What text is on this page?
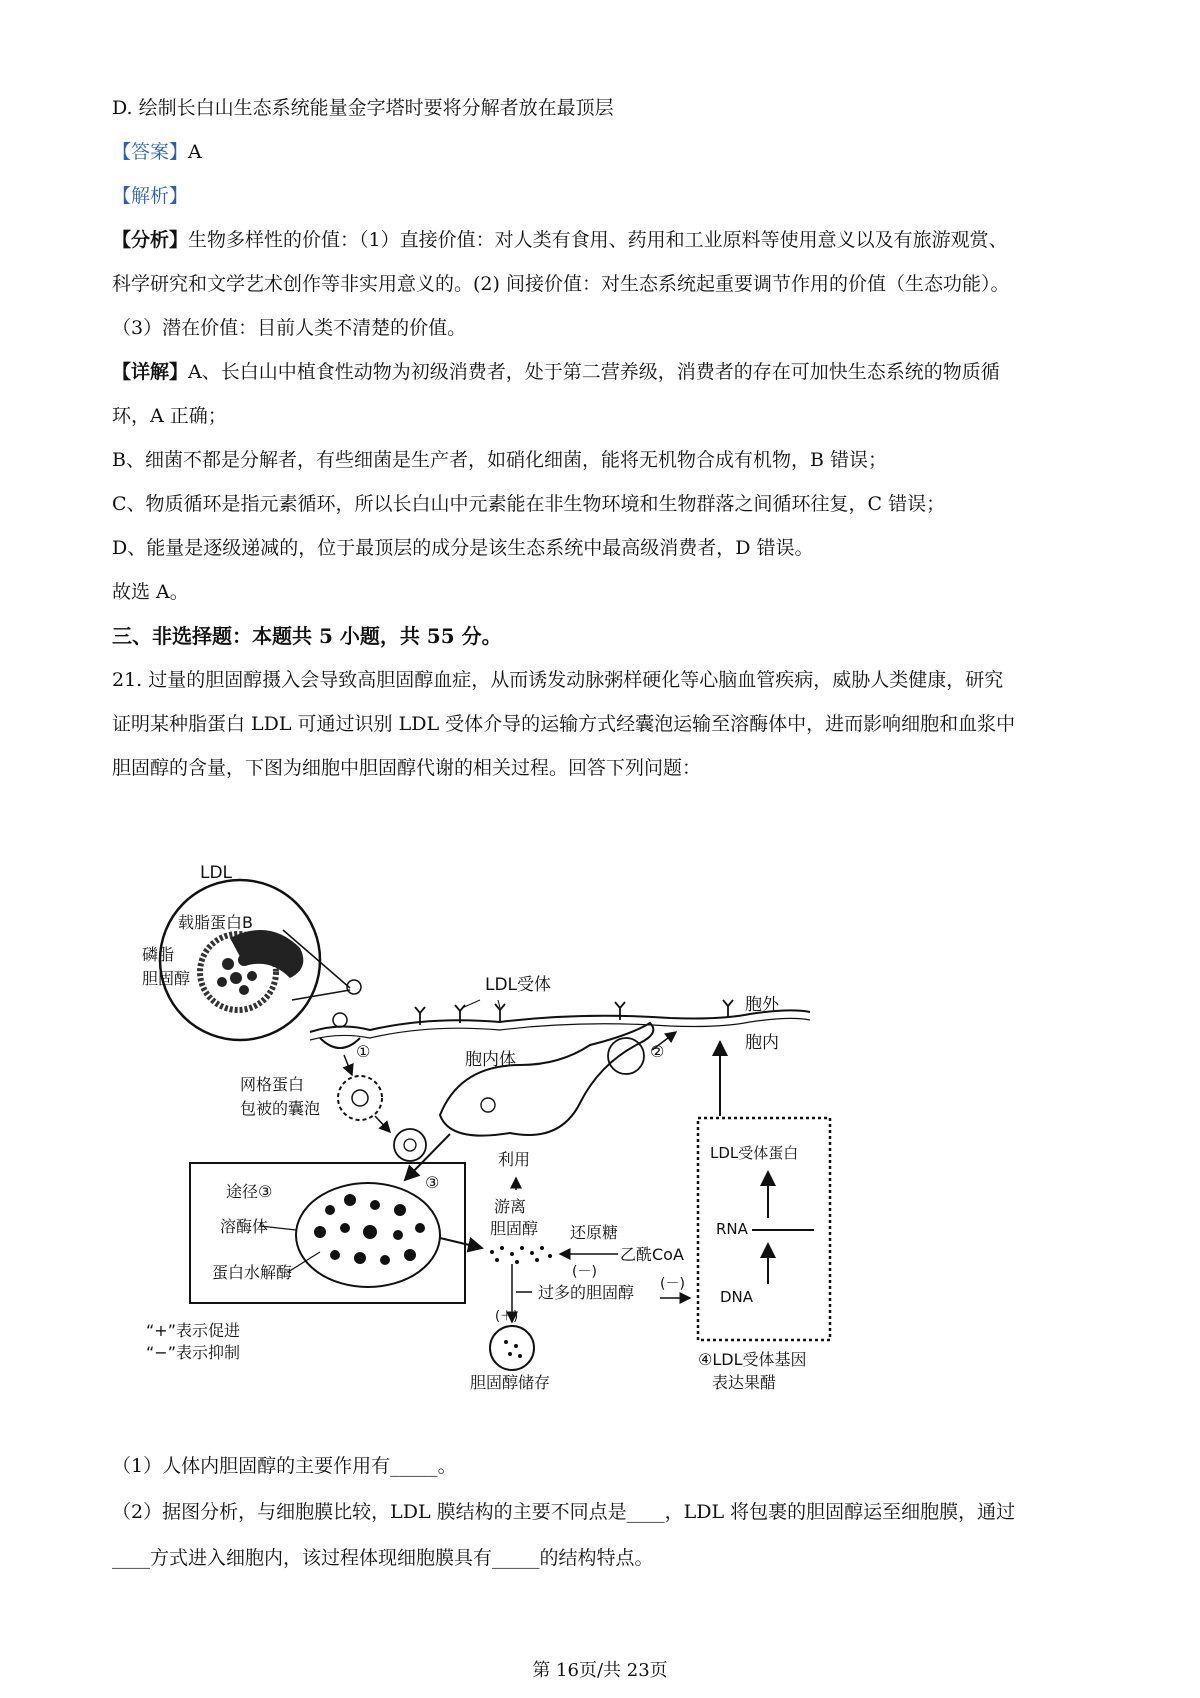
D. 绘制长白山生态系统能量金字塔时要将分解者放在最顶层
【答案】A
【解析】
【分析】生物多样性的价值：（1）直接价值：对人类有食用、药用和工业原料等使用意义以及有旅游观赏、
科学研究和文学艺术创作等非实用意义的。(2) 间接价值：对生态系统起重要调节作用的价值（生态功能）。
（3）潜在价值：目前人类不清楚的价值。
【详解】A、长白山中植食性动物为初级消费者，处于第二营养级，消费者的存在可加快生态系统的物质循
环，A 正确；
B、细菌不都是分解者，有些细菌是生产者，如硝化细菌，能将无机物合成有机物，B 错误；
C、物质循环是指元素循环，所以长白山中元素能在非生物环境和生物群落之间循环往复，C 错误；
D、能量是逐级递减的，位于最顶层的成分是该生态系统中最高级消费者，D 错误。
故选 A。
三、非选择题：本题共 5 小题，共 55 分。
21. 过量的胆固醇摄入会导致高胆固醇血症，从而诱发动脉粥样硬化等心脑血管疾病，威胁人类健康，研究
证明某种脂蛋白 LDL 可通过识别 LDL 受体介导的运输方式经囊泡运输至溶酶体中，进而影响细胞和血浆中
胆固醇的含量，下图为细胞中胆固醇代谢的相关过程。回答下列问题：
LDL
载脂蛋白B
磷脂
胆固醇	LDL受体
胞外
胞内
①
网格蛋白
包被的囊泡
胞内体	②
途径③
溶酶体
蛋白水解酶
③
利用
游离
胆固醇 还原糖
乙酰CoA
(－)
过多的胆固醇
(＋)
胆固醇储存
(－)
LDL受体蛋白
RNA
DNA
④LDL受体基因
表达果醋
“+”表示促进
“−”表示抑制
（1）人体内胆固醇的主要作用有_____。
（2）据图分析，与细胞膜比较，LDL 膜结构的主要不同点是____，LDL 将包裹的胆固醇运至细胞膜，通过
____方式进入细胞内，该过程体现细胞膜具有_____的结构特点。
第 16页/共 23页
